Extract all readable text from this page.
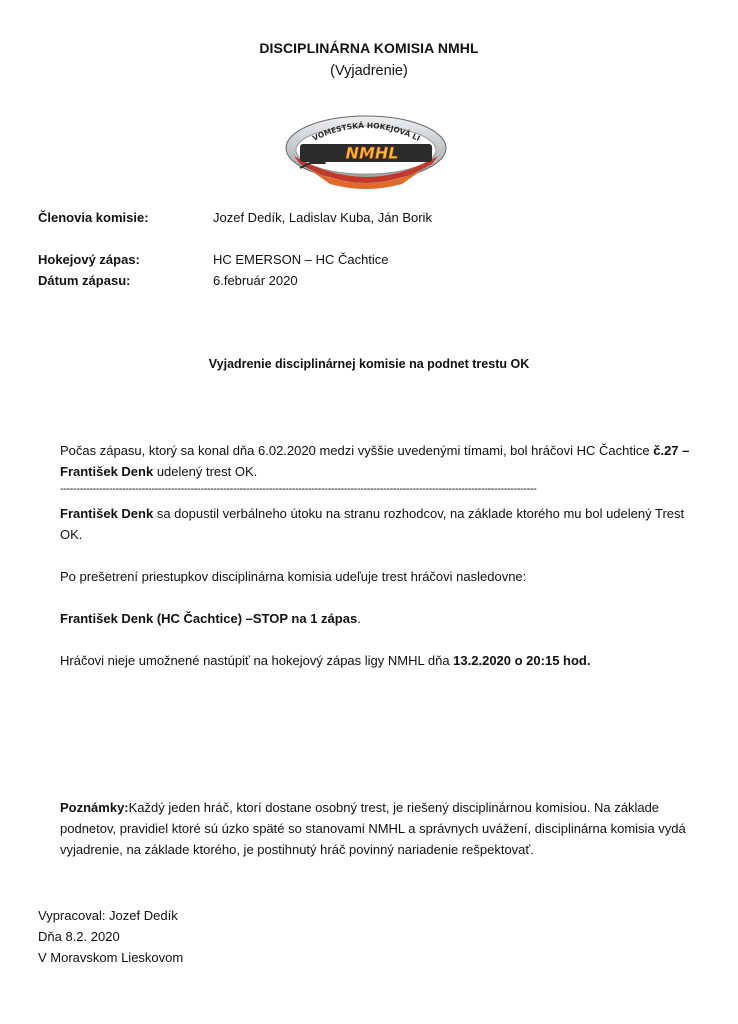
DISCIPLINÁRNA KOMISIA NMHL
(Vyjadrenie)
VOMESTSKÁ HOKEJOVÁ LI
NMHL
Členovia komisie:	Jozef Dedík, Ladislav Kuba, Ján Borik
Hokejový zápas:	HC EMERSON – HC Čachtice
Dátum zápasu:	6.február 2020
Vyjadrenie disciplinárnej komisie na podnet trestu OK
Počas zápasu, ktorý sa konal dňa 6.02.2020 medzi vyššie uvedenými tímami, bol hráčovi HC Čachtice č.27 – František Denk udelený trest OK.
--------------------------------------------------------------------------------------------------------------------------------------------------
František Denk sa dopustil verbálneho útoku na stranu rozhodcov, na základe ktorého mu bol udelený Trest OK.
Po prešetrení priestupkov disciplinárna komisia udeľuje trest hráčovi nasledovne:
František Denk (HC Čachtice) –STOP na 1 zápas.
Hráčovi nieje umožnené nastúpiť na hokejový zápas ligy NMHL dňa 13.2.2020 o 20:15 hod.
Poznámky:Každý jeden hráč, ktorí dostane osobný trest, je riešený disciplinárnou komisiou. Na základe podnetov, pravidiel ktoré sú úzko späté so stanovami NMHL a správnych uvážení, disciplinárna komisia vydá vyjadrenie, na základe ktorého, je postihnutý hráč povinný nariadenie rešpektovať.
Vypracoval: Jozef Dedík
Dňa 8.2. 2020
V Moravskom Lieskovom
